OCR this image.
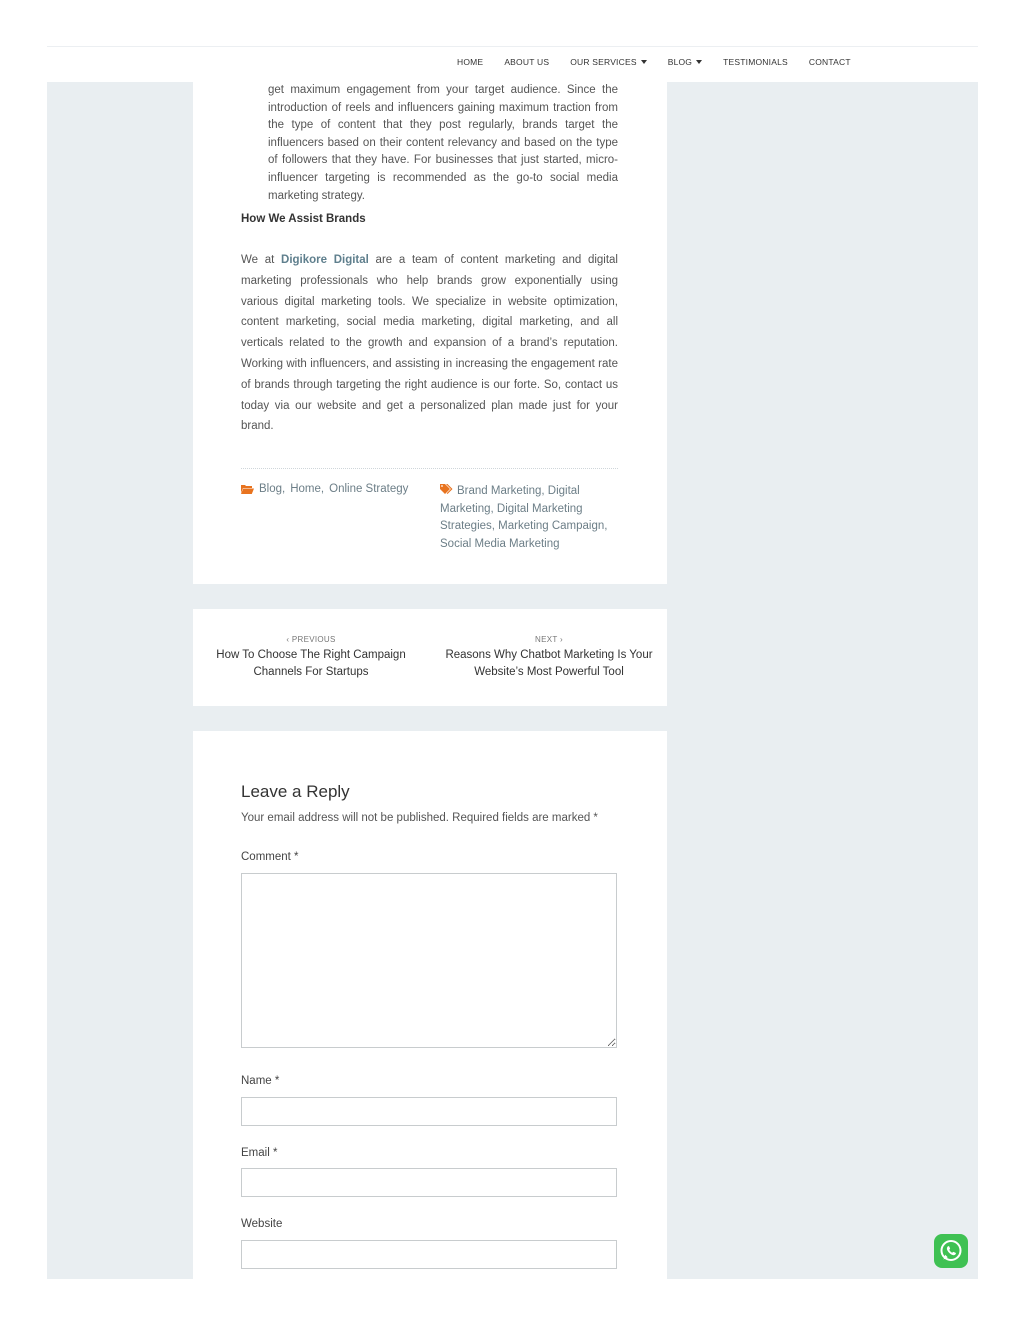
HOME ABOUT US OUR SERVICES	BLOG	TESTIMONIALS CONTACT
get maximum engagement from your target audience. Since the introduction of reels and influencers gaining maximum traction from the type of content that they post regularly, brands target the influencers based on their content relevancy and based on the type of followers that they have. For businesses that just started, micro-influencer targeting is recommended as the go-to social media marketing strategy.
How We Assist Brands
We at Digikore Digital are a team of content marketing and digital marketing professionals who help brands grow exponentially using various digital marketing tools. We specialize in website optimization, content marketing, social media marketing, digital marketing, and all verticals related to the growth and expansion of a brand’s reputation. Working with influencers, and assisting in increasing the engagement rate of brands through targeting the right audience is our forte. So, contact us today via our website and get a personalized plan made just for your brand.
Blog , Home , Online Strategy	Brand Marketing, Digital Marketing, Digital Marketing Strategies, Marketing Campaign, Social Media Marketing
‹ PREVIOUS
How To Choose The Right Campaign Channels For Startups
NEXT ›
Reasons Why Chatbot Marketing Is Your Website’s Most Powerful Tool
Leave a Reply
Your email address will not be published. Required fields are marked *
Comment *
Name *
Email *
Website
